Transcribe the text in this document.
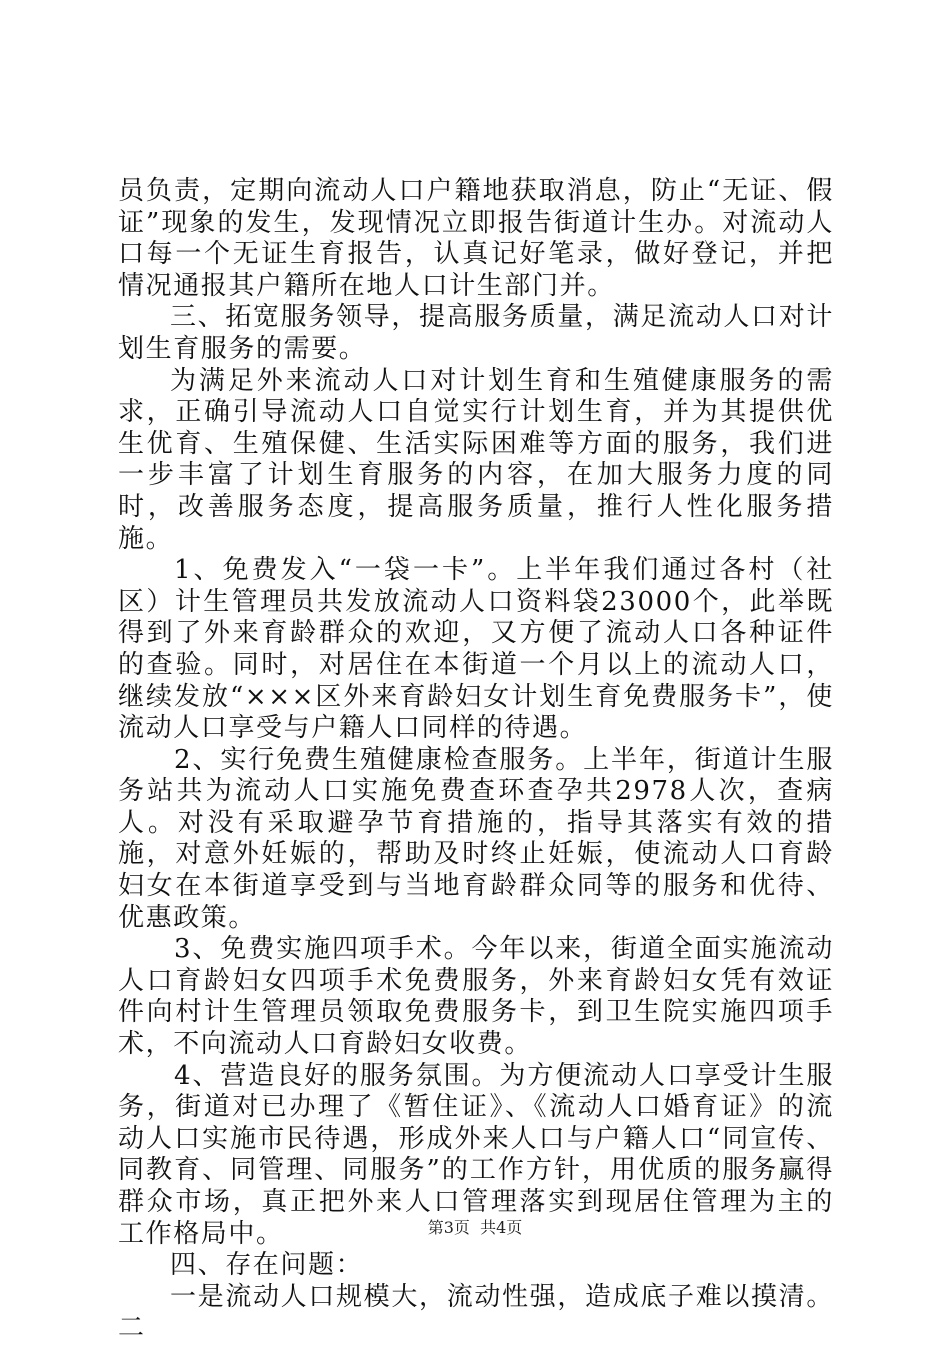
员负责，定期向流动人口户籍地获取消息，防止“无证、假证”现象的发生，发现情况立即报告街道计生办。对流动人口每一个无证生育报告，认真记好笔录，做好登记，并把情况通报其户籍所在地人口计生部门并。

三、拓宽服务领导，提高服务质量，满足流动人口对计划生育服务的需要。

为满足外来流动人口对计划生育和生殖健康服务的需求，正确引导流动人口自觉实行计划生育，并为其提供优生优育、生殖保健、生活实际困难等方面的服务，我们进一步丰富了计划生育服务的内容，在加大服务力度的同时，改善服务态度，提高服务质量，推行人性化服务措施。

1、免费发入“一袋一卡”。上半年我们通过各村（社区）计生管理员共发放流动人口资料袋23000个，此举既得到了外来育龄群众的欢迎，又方便了流动人口各种证件的查验。同时，对居住在本街道一个月以上的流动人口，继续发放“×××区外来育龄妇女计划生育免费服务卡”，使流动人口享受与户籍人口同样的待遇。

2、实行免费生殖健康检查服务。上半年，街道计生服务站共为流动人口实施免费查环查孕共2978人次，查病人。对没有采取避孕节育措施的，指导其落实有效的措施，对意外妊娠的，帮助及时终止妊娠，使流动人口育龄妇女在本街道享受到与当地育龄群众同等的服务和优待、优惠政策。

3、免费实施四项手术。今年以来，街道全面实施流动人口育龄妇女四项手术免费服务，外来育龄妇女凭有效证件向村计生管理员领取免费服务卡，到卫生院实施四项手术，不向流动人口育龄妇女收费。

4、营造良好的服务氛围。为方便流动人口享受计生服务，街道对已办理了《暂住证》、《流动人口婚育证》的流动人口实施市民待遇，形成外来人口与户籍人口“同宣传、同教育、同管理、同服务”的工作方针，用优质的服务赢得群众市场，真正把外来人口管理落实到现居住管理为主的工作格局中。

四、存在问题：

一是流动人口规模大，流动性强，造成底子难以摸清。二

第3页  共4页
